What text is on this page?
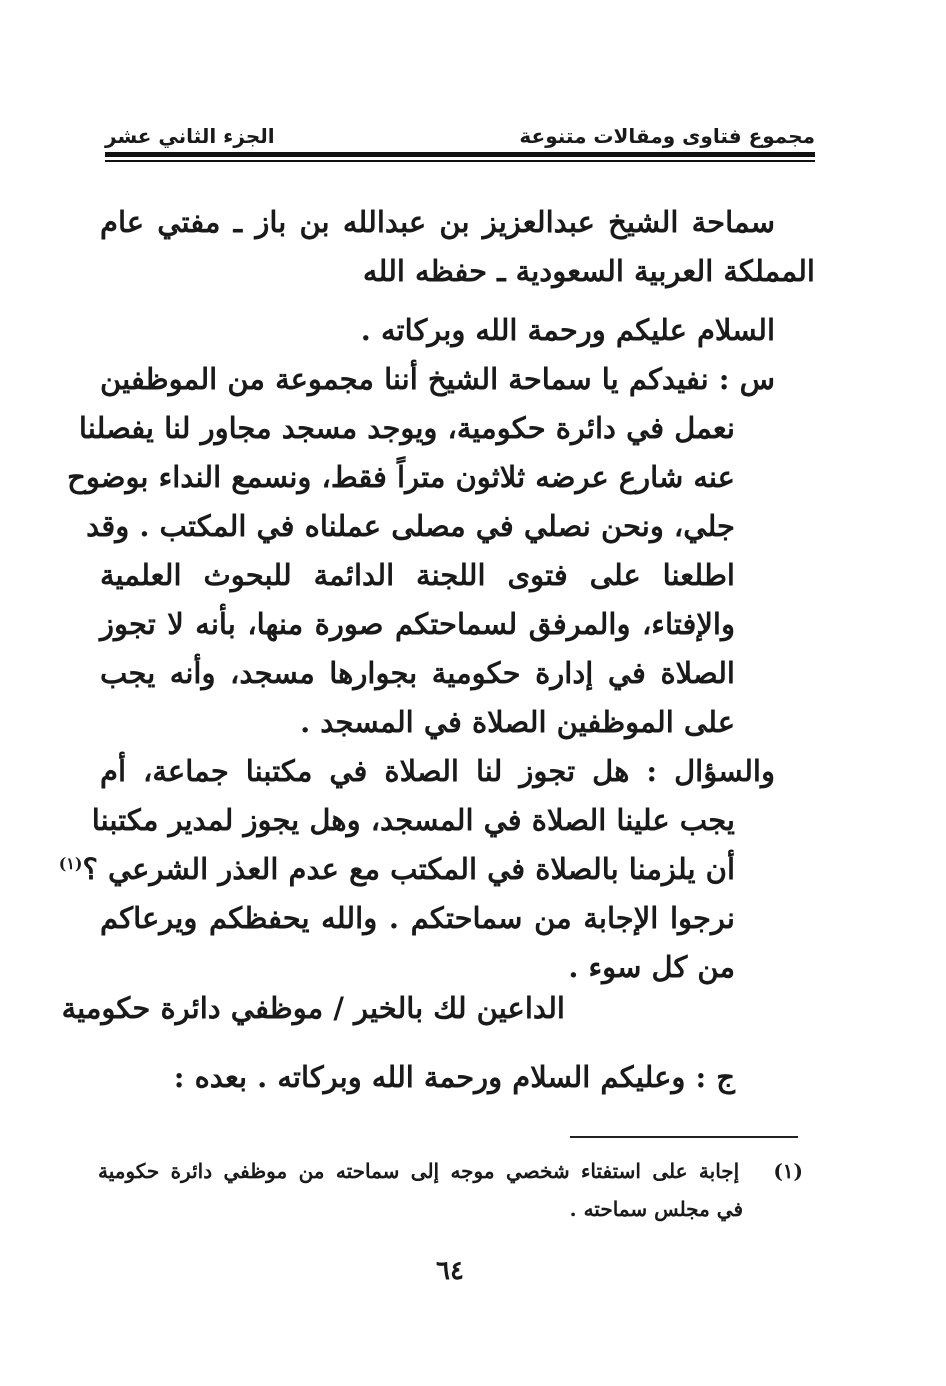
مجموع فتاوى ومقالات متنوعة
الجزء الثاني عشر
سماحة الشيخ عبدالعزيز بن عبدالله بن باز ـ مفتي عام
المملكة العربية السعودية ـ حفظه الله
السلام عليكم ورحمة الله وبركاته .
س : نفيدكم يا سماحة الشيخ أننا مجموعة من الموظفين
نعمل في دائرة حكومية، ويوجد مسجد مجاور لنا يفصلنا
عنه شارع عرضه ثلاثون متراً فقط، ونسمع النداء بوضوح
جلي، ونحن نصلي في مصلى عملناه في المكتب . وقد
اطلعنا على فتوى اللجنة الدائمة للبحوث العلمية
والإفتاء، والمرفق لسماحتكم صورة منها، بأنه لا تجوز
الصلاة في إدارة حكومية بجوارها مسجد، وأنه يجب
على الموظفين الصلاة في المسجد .
والسؤال : هل تجوز لنا الصلاة في مكتبنا جماعة، أم
يجب علينا الصلاة في المسجد، وهل يجوز لمدير مكتبنا
أن يلزمنا بالصلاة في المكتب مع عدم العذر الشرعي ؟$^{(١)}$
نرجوا الإجابة من سماحتكم . والله يحفظكم ويرعاكم
من كل سوء .
الداعين لك بالخير / موظفي دائرة حكومية
ج : وعليكم السلام ورحمة الله وبركاته . بعده :
(١)   إجابة على استفتاء شخصي موجه إلى سماحته من موظفي دائرة حكومية
في مجلس سماحته .
٦٤
